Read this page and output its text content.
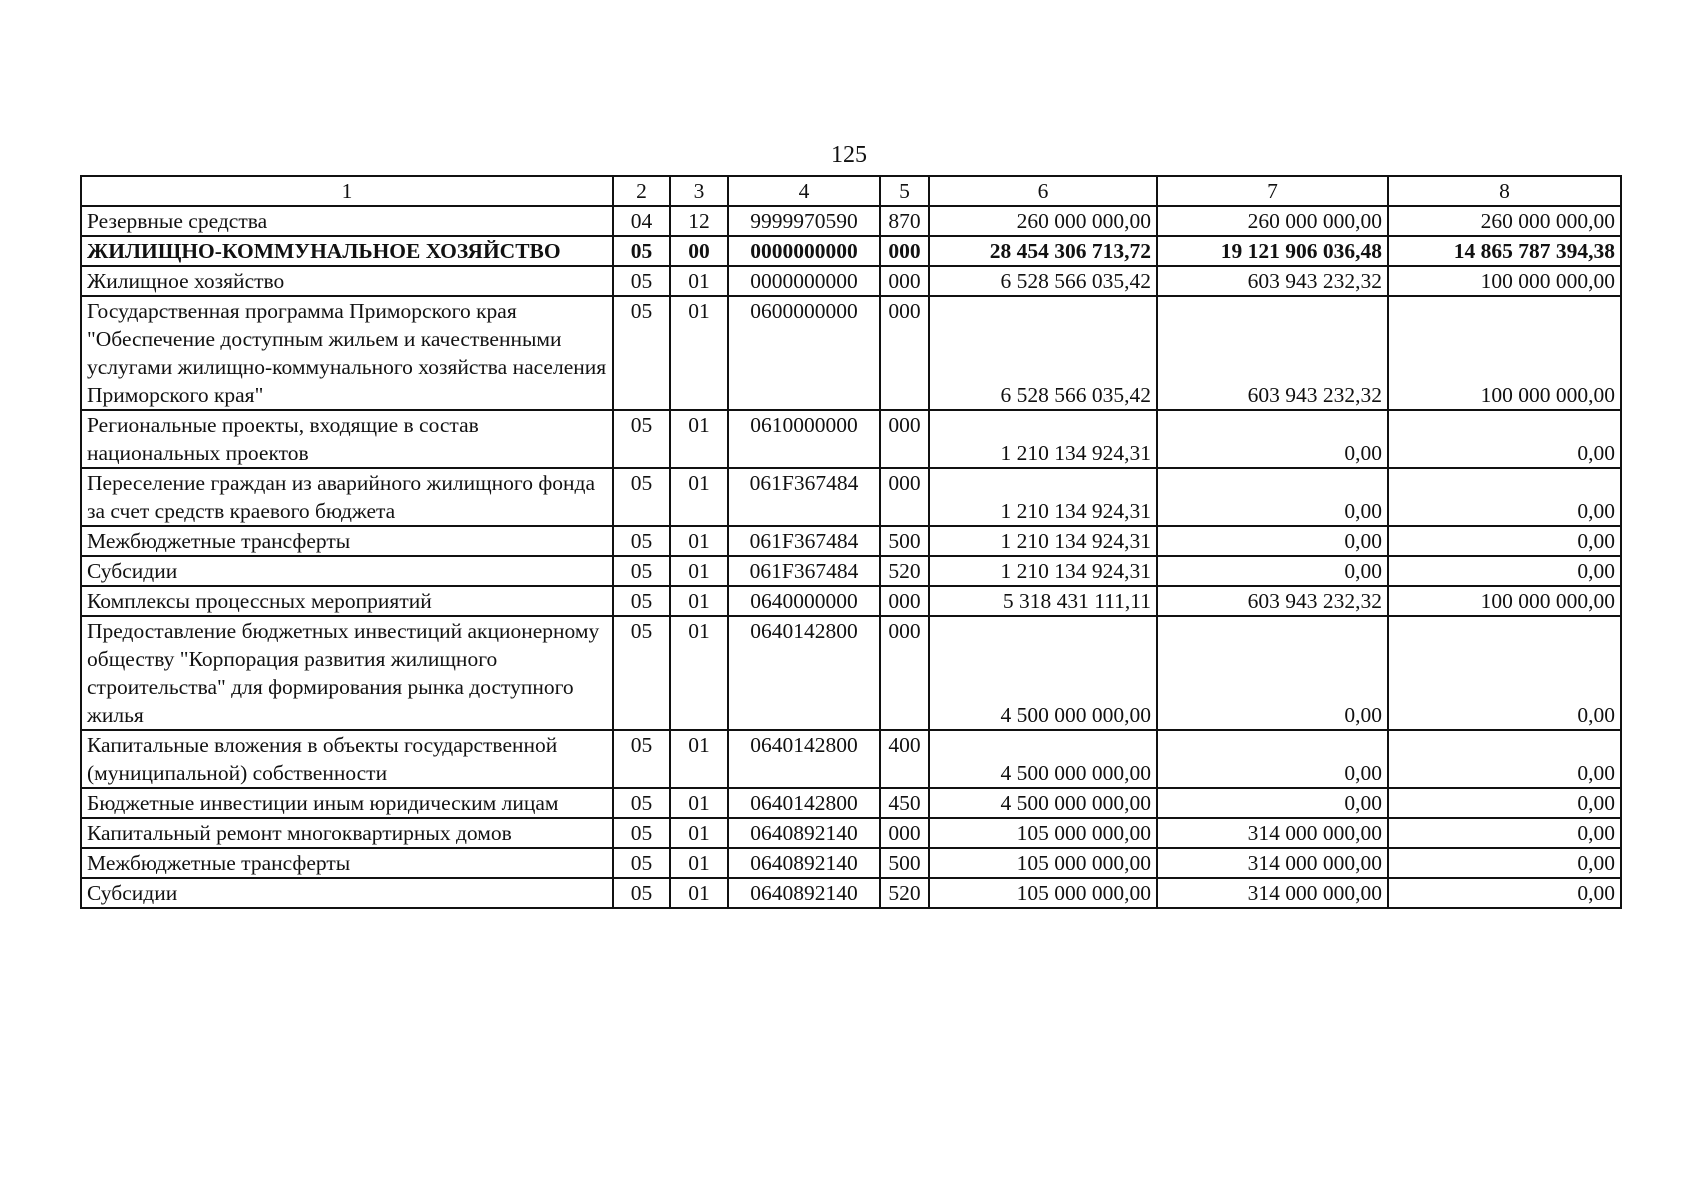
125
1	2	3	4	5	6	7	8
Резервные средства	04	12	9999970590	870	260 000 000,00	260 000 000,00	260 000 000,00
ЖИЛИЩНО-КОММУНАЛЬНОЕ ХОЗЯЙСТВО	05	00	0000000000	000	28 454 306 713,72	19 121 906 036,48	14 865 787 394,38
Жилищное хозяйство	05	01	0000000000	000	6 528 566 035,42	603 943 232,32	100 000 000,00
Государственная программа Приморского края "Обеспечение доступным жильем и качественными услугами жилищно-коммунального хозяйства населения Приморского края"	05	01	0600000000	000	6 528 566 035,42	603 943 232,32	100 000 000,00
Региональные проекты, входящие в состав национальных проектов	05	01	0610000000	000	1 210 134 924,31	0,00	0,00
Переселение граждан из аварийного жилищного фонда за счет средств краевого бюджета	05	01	061F367484	000	1 210 134 924,31	0,00	0,00
Межбюджетные трансферты	05	01	061F367484	500	1 210 134 924,31	0,00	0,00
Субсидии	05	01	061F367484	520	1 210 134 924,31	0,00	0,00
Комплексы процессных мероприятий	05	01	0640000000	000	5 318 431 111,11	603 943 232,32	100 000 000,00
Предоставление бюджетных инвестиций акционерному обществу "Корпорация развития жилищного строительства" для формирования рынка доступного жилья	05	01	0640142800	000	4 500 000 000,00	0,00	0,00
Капитальные вложения в объекты государственной (муниципальной) собственности	05	01	0640142800	400	4 500 000 000,00	0,00	0,00
Бюджетные инвестиции иным юридическим лицам	05	01	0640142800	450	4 500 000 000,00	0,00	0,00
Капитальный ремонт многоквартирных домов	05	01	0640892140	000	105 000 000,00	314 000 000,00	0,00
Межбюджетные трансферты	05	01	0640892140	500	105 000 000,00	314 000 000,00	0,00
Субсидии	05	01	0640892140	520	105 000 000,00	314 000 000,00	0,00
